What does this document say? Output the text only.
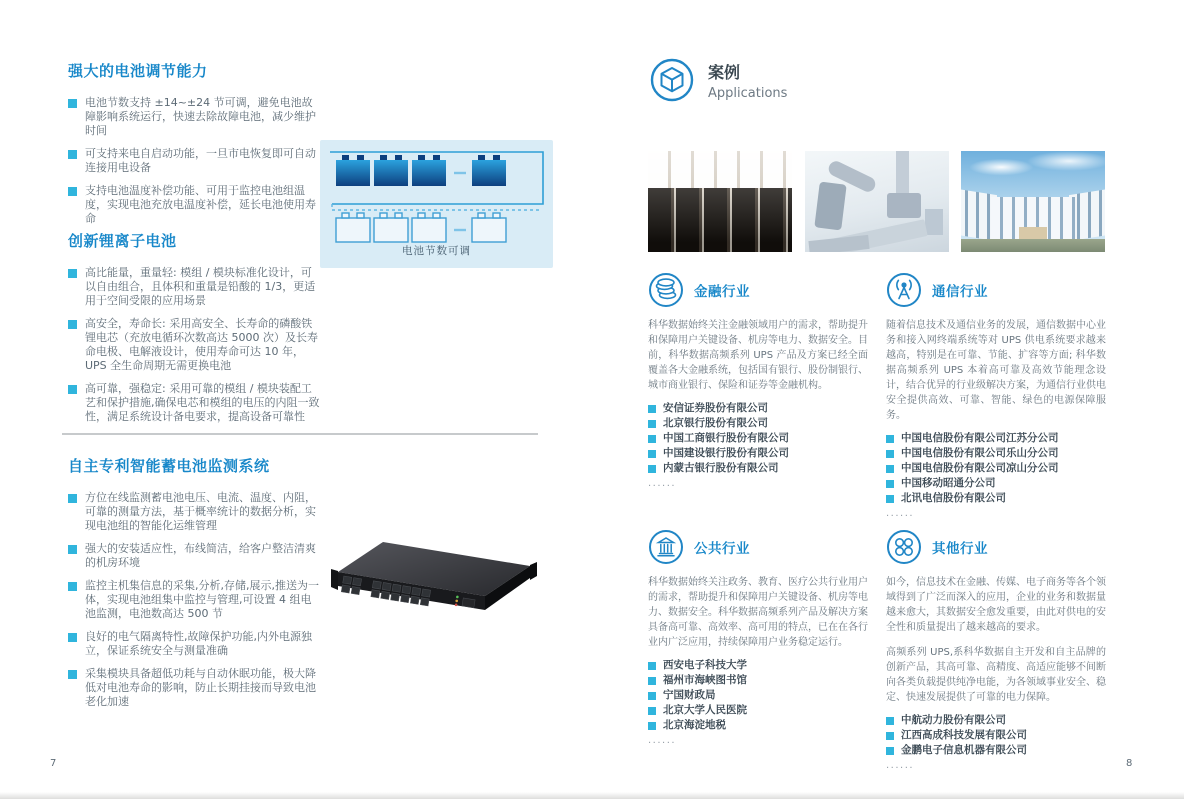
强大的电池调节能力
电池节数支持 ±14~±24 节可调，避免电池故障影响系统运行，快速去除故障电池，减少维护时间
可支持来电自启动功能，一旦市电恢复即可自动连接用电设备
支持电池温度补偿功能、可用于监控电池组温度，实现电池充放电温度补偿，延长电池使用寿命
创新锂离子电池
高比能量，重量轻: 模组 / 模块标准化设计，可以自由组合，且体积和重量是铅酸的 1/3，更适用于空间受限的应用场景
高安全，寿命长: 采用高安全、长寿命的磷酸铁锂电芯（充放电循环次数高达 5000 次）及长寿命电极、电解液设计，使用寿命可达 10 年，UPS 全生命周期无需更换电池
高可靠，强稳定: 采用可靠的模组 / 模块装配工艺和保护措施,确保电芯和模组的电压的内阻一致性，满足系统设计备电要求，提高设备可靠性
自主专利智能蓄电池监测系统
方位在线监测蓄电池电压、电流、温度、内阻，可靠的测量方法，基于概率统计的数据分析，实现电池组的智能化运维管理
强大的安装适应性，布线简洁，给客户整洁清爽的机房环境
监控主机集信息的采集,分析,存储,展示,推送为一体，实现电池组集中监控与管理,可设置 4 组电池监测，电池数高达 500 节
良好的电气隔离特性,故障保护功能,内外电源独立，保证系统安全与测量准确
采集模块具备超低功耗与自动休眠功能，极大降低对电池寿命的影响，防止长期挂接而导致电池老化加速
电池节数可调
7
案例
Applications
金融行业

科华数据始终关注金融领域用户的需求，帮助提升和保障用户关键设备、机房等电力、数据安全。目前，科华数据高频系列 UPS 产品及方案已经全面覆盖各大金融系统，包括国有银行、股份制银行、城市商业银行、保险和证券等金融机构。

安信证券股份有限公司
北京银行股份有限公司
中国工商银行股份有限公司
中国建设银行股份有限公司
内蒙古银行股份有限公司
......
通信行业

随着信息技术及通信业务的发展，通信数据中心业务和接入网终端系统等对 UPS 供电系统要求越来越高，特别是在可靠、节能、扩容等方面; 科华数据高频系列 UPS 本着高可靠及高效节能理念设计，结合优异的行业级解决方案，为通信行业供电安全提供高效、可靠、智能、绿色的电源保障服务。

中国电信股份有限公司江苏分公司
中国电信股份有限公司乐山分公司
中国电信股份有限公司凉山分公司
中国移动昭通分公司
北讯电信股份有限公司
......
公共行业

科华数据始终关注政务、教育、医疗公共行业用户的需求，帮助提升和保障用户关键设备、机房等电力、数据安全。科华数据高频系列产品及解决方案具备高可靠、高效率、高可用的特点，已在在各行业内广泛应用，持续保障用户业务稳定运行。

西安电子科技大学
福州市海峡图书馆
宁国财政局
北京大学人民医院
北京海淀地税
......
其他行业

如今，信息技术在金融、传媒、电子商务等各个领域得到了广泛而深入的应用，企业的业务和数据量越来愈大，其数据安全愈发重要，由此对供电的安全性和质量提出了越来越高的要求。

高频系列 UPS,系科华数据自主开发和自主品牌的创新产品，其高可靠、高精度、高适应能够不间断向各类负载提供纯净电能，为各领域事业安全、稳定、快速发展提供了可靠的电力保障。

中航动力股份有限公司
江西高成科技发展有限公司
金鹏电子信息机器有限公司
......	8
